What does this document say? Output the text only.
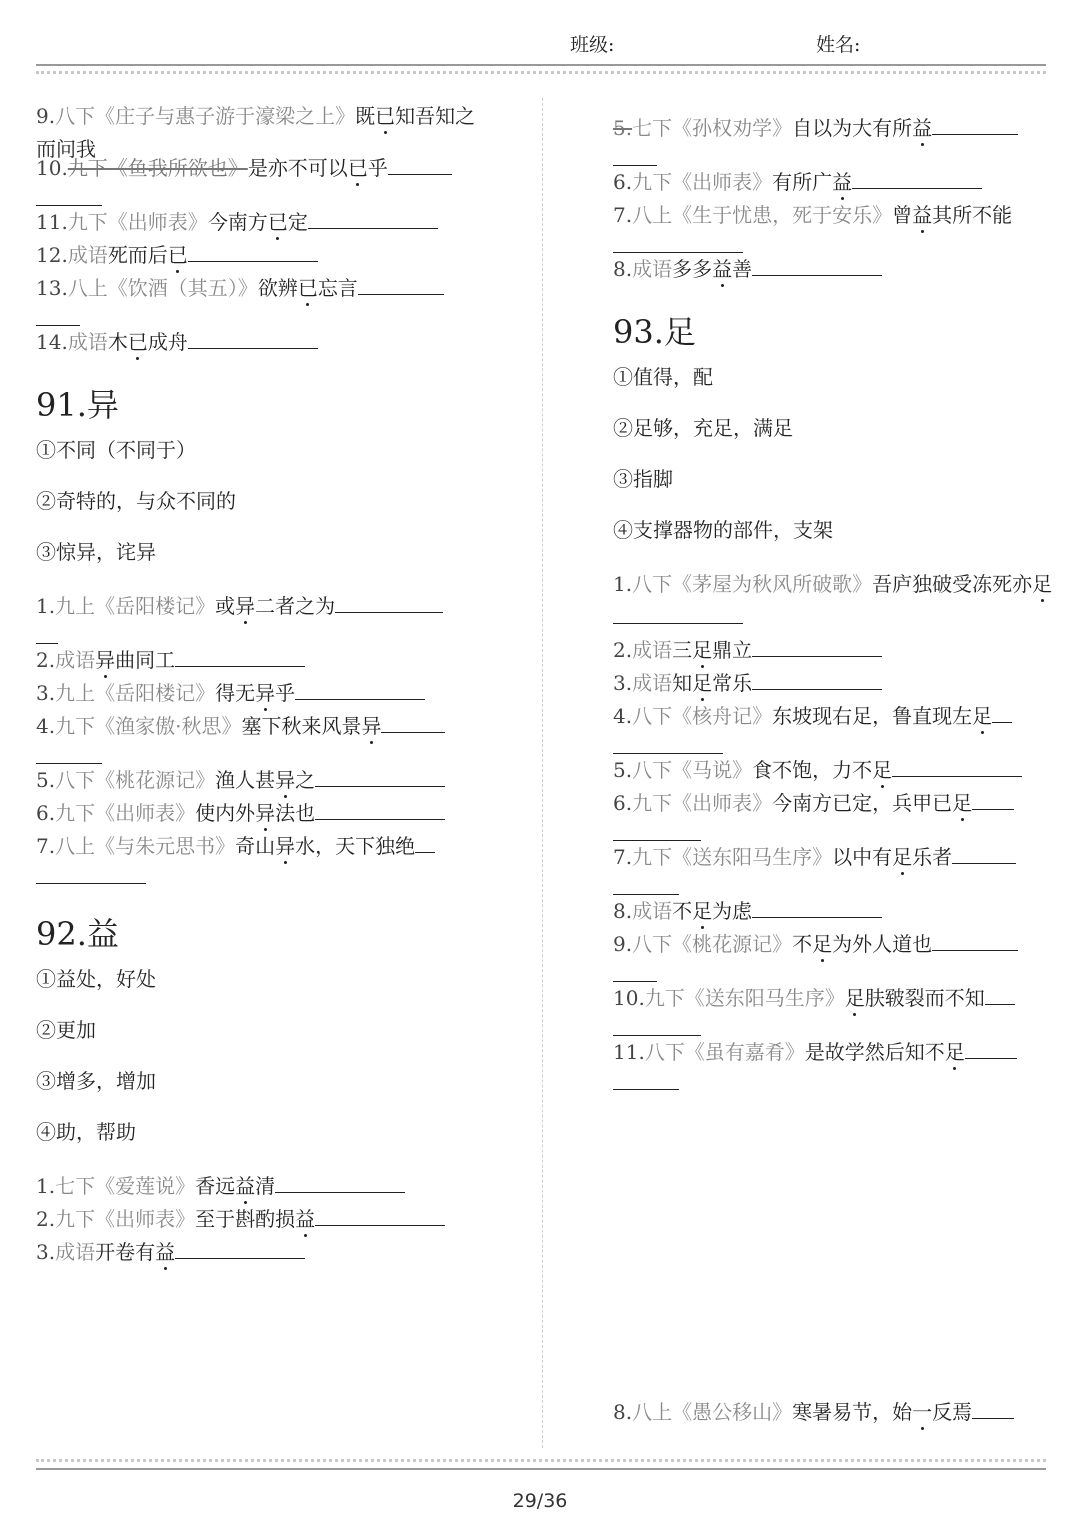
班级:	姓名:
9.八下《庄子与惠子游于濠梁之上》既已知吾知之而问我
10.九下《鱼我所欲也》是亦不可以已乎
11.九下《出师表》今南方已定
12.成语死而后已
13.八上《饮酒（其五）》欲辨已忘言
14.成语木已成舟
91.异
①不同（不同于）
②奇特的，与众不同的
③惊异，诧异
1.九上《岳阳楼记》或异二者之为
2.成语异曲同工
3.九上《岳阳楼记》得无异乎
4.九下《渔家傲·秋思》塞下秋来风景异
5.八下《桃花源记》渔人甚异之
6.九下《出师表》使内外异法也
7.八上《与朱元思书》奇山异水，天下独绝
92.益
①益处，好处
②更加
③增多，增加
④助，帮助
1.七下《爱莲说》香远益清
2.九下《出师表》至于斟酌损益
3.成语开卷有益
5.七下《孙权劝学》自以为大有所益
6.九下《出师表》有所广益
7.八上《生于忧患，死于安乐》曾益其所不能
8.成语多多益善
93.足
①值得，配
②足够，充足，满足
③指脚
④支撑器物的部件，支架
1.八下《茅屋为秋风所破歌》吾庐独破受冻死亦足
2.成语三足鼎立
3.成语知足常乐
4.八下《核舟记》东坡现右足，鲁直现左足
5.八下《马说》食不饱，力不足
6.九下《出师表》今南方已定，兵甲已足
7.九下《送东阳马生序》以中有足乐者
8.成语不足为虑
9.八下《桃花源记》不足为外人道也
10.九下《送东阳马生序》足肤皲裂而不知
11.八下《虽有嘉肴》是故学然后知不足
8.八上《愚公移山》寒暑易节，始一反焉
29/36
